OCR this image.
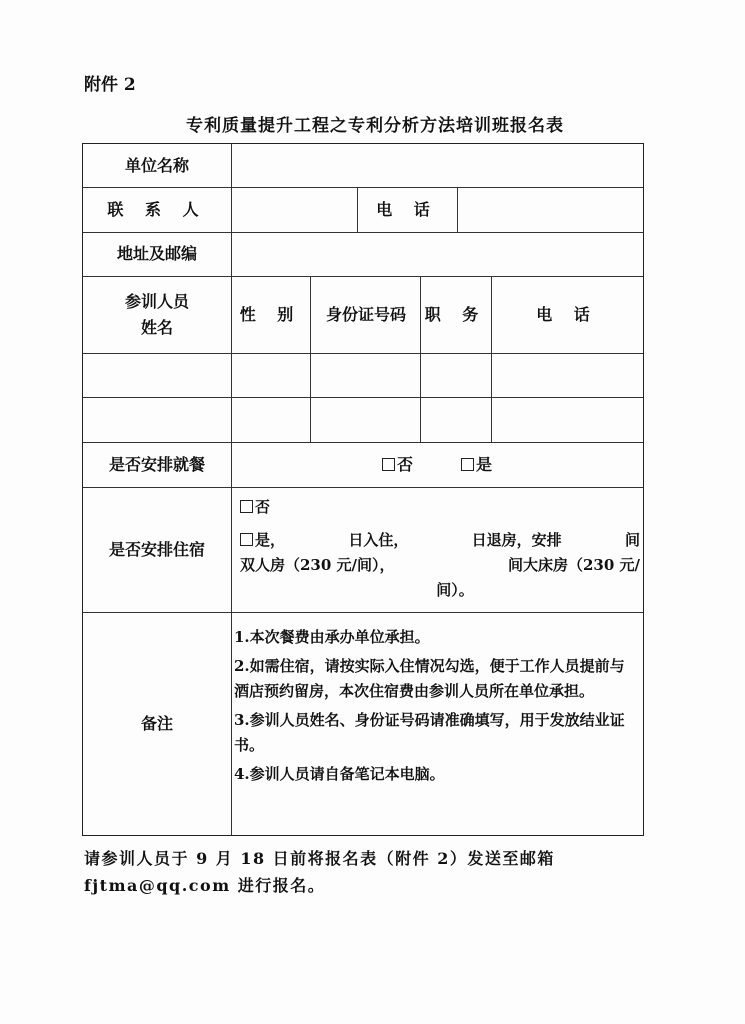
附件 2
专利质量提升工程之专利分析方法培训班报名表
单位名称
联 系 人	电 话
地址及邮编
参训人员
姓名
性 别	身份证号码	职 务	电 话
是否安排就餐	否	是
是否安排住宿
否
是，	日入住，	日退房，安排	间
双人房（230 元/间），	间大床房（230 元/
间）。
备注

1.本次餐费由承办单位承担。

2.如需住宿，请按实际入住情况勾选，便于工作人员提前与酒店预约留房，本次住宿费由参训人员所在单位承担。

3.参训人员姓名、身份证号码请准确填写，用于发放结业证书。

4.参训人员请自备笔记本电脑。

请参训人员于 9 月 18 日前将报名表（附件 2）发送至邮箱
fjtma@qq.com 进行报名。
